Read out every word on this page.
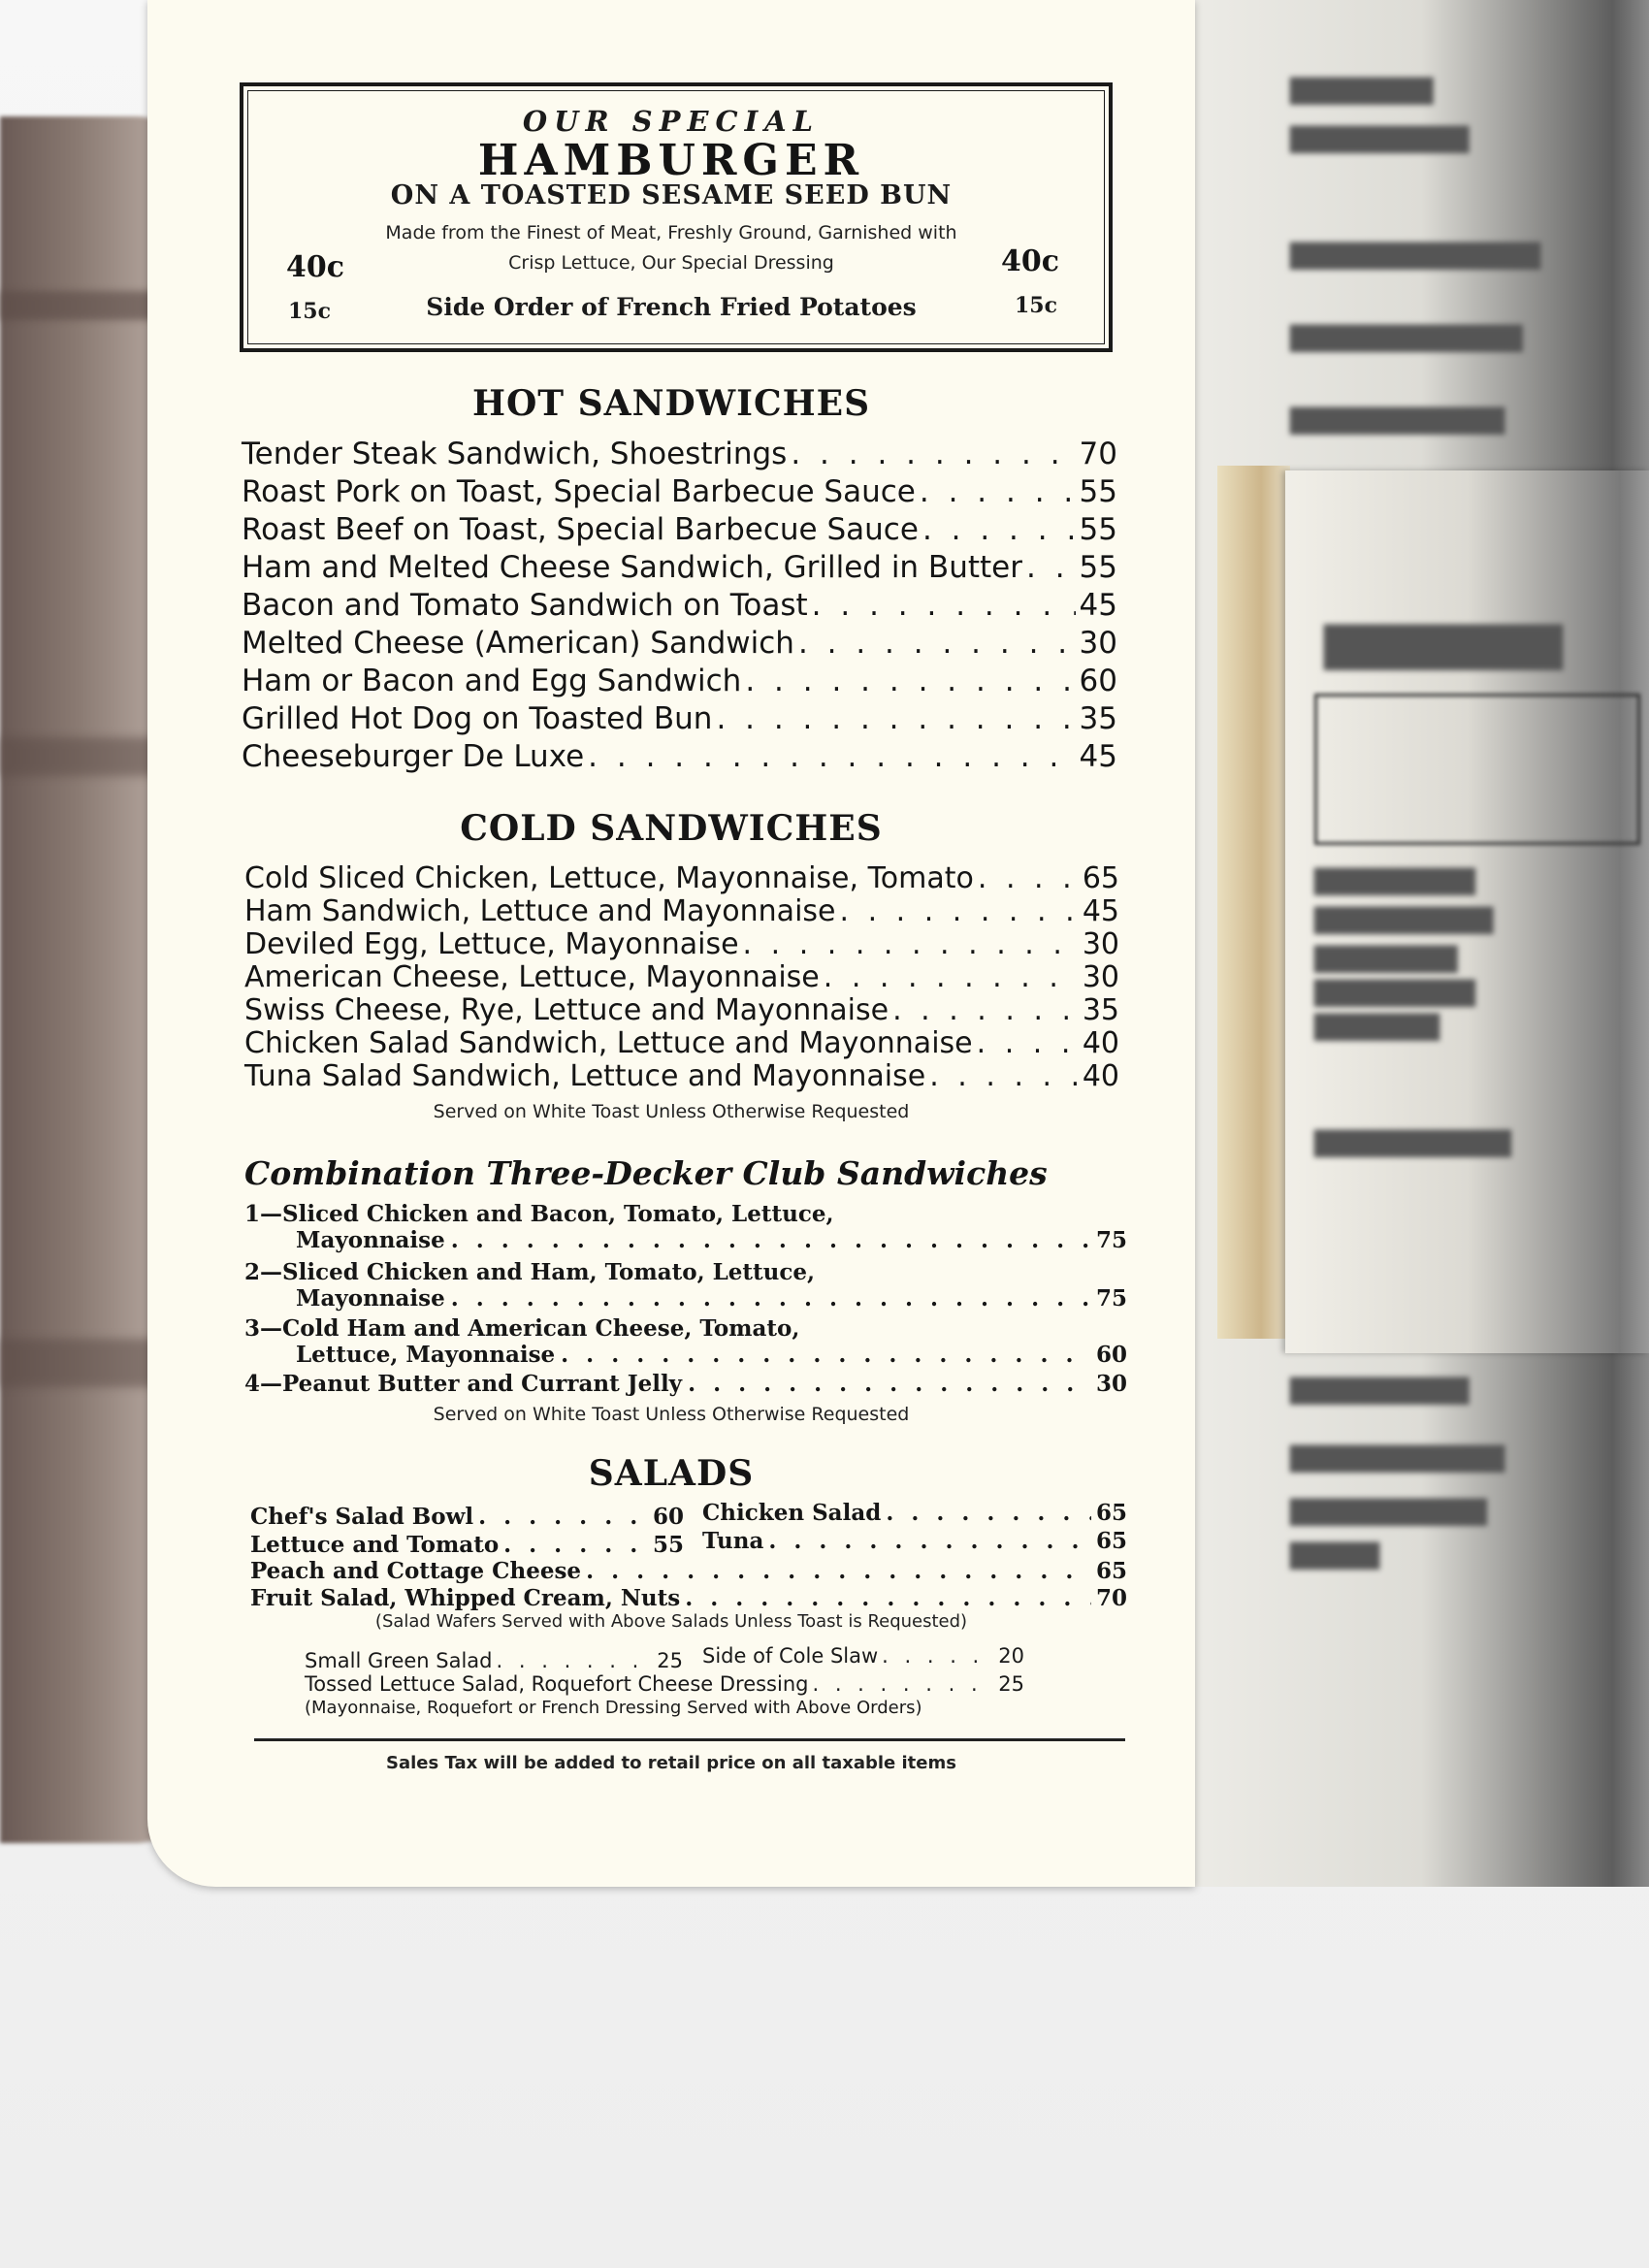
████████
██████████
██████████████
█████████████
████████████
██████████
████████████
███████████
█████
████████
█████████
██████████
████████
█████████
███████
███████████
OUR SPECIAL
HAMBURGER
ON A TOASTED SESAME SEED BUN
Made from the Finest of Meat, Freshly Ground, Garnished with
Crisp Lettuce, Our Special Dressing
40c	40c
15c	15c
Side Order of French Fried Potatoes
HOT SANDWICHES
Tender Steak Sandwich, Shoestrings . . .	70
Roast Pork on Toast, Special Barbecue Sauce . . .	55
Roast Beef on Toast, Special Barbecue Sauce . . .	55
Ham and Melted Cheese Sandwich, Grilled in Butter . . . 55
Bacon and Tomato Sandwich on Toast . . .	45
Melted Cheese (American) Sandwich . . .	30
Ham or Bacon and Egg Sandwich . . .	60
Grilled Hot Dog on Toasted Bun . . .	35
Cheeseburger De Luxe . . .	45
COLD SANDWICHES
Cold Sliced Chicken, Lettuce, Mayonnaise, Tomato . . .	65
Ham Sandwich, Lettuce and Mayonnaise . . .	45
Deviled Egg, Lettuce, Mayonnaise . . .	30
American Cheese, Lettuce, Mayonnaise . . .	30
Swiss Cheese, Rye, Lettuce and Mayonnaise . . .	35
Chicken Salad Sandwich, Lettuce and Mayonnaise . . .	40
Tuna Salad Sandwich, Lettuce and Mayonnaise . . .	40
Served on White Toast Unless Otherwise Requested
Combination Three-Decker Club Sandwiches
1—Sliced Chicken and Bacon, Tomato, Lettuce,
Mayonnaise . . .	75
2—Sliced Chicken and Ham, Tomato, Lettuce,
Mayonnaise . . .	75
3—Cold Ham and American Cheese, Tomato,
Lettuce, Mayonnaise . . .	60
4—Peanut Butter and Currant Jelly . . .	30
Served on White Toast Unless Otherwise Requested
SALADS
Chef's Salad Bowl . . .	60 Chicken Salad . . .	65
Lettuce and Tomato . . .	55 Tuna . . .	65
Peach and Cottage Cheese . . .	65
Fruit Salad, Whipped Cream, Nuts . . .	70
(Salad Wafers Served with Above Salads Unless Toast is Requested)
Small Green Salad . . .	25 Side of Cole Slaw . . .	20
Tossed Lettuce Salad, Roquefort Cheese Dressing . . .	25
(Mayonnaise, Roquefort or French Dressing Served with Above Orders)
Sales Tax will be added to retail price on all taxable items
